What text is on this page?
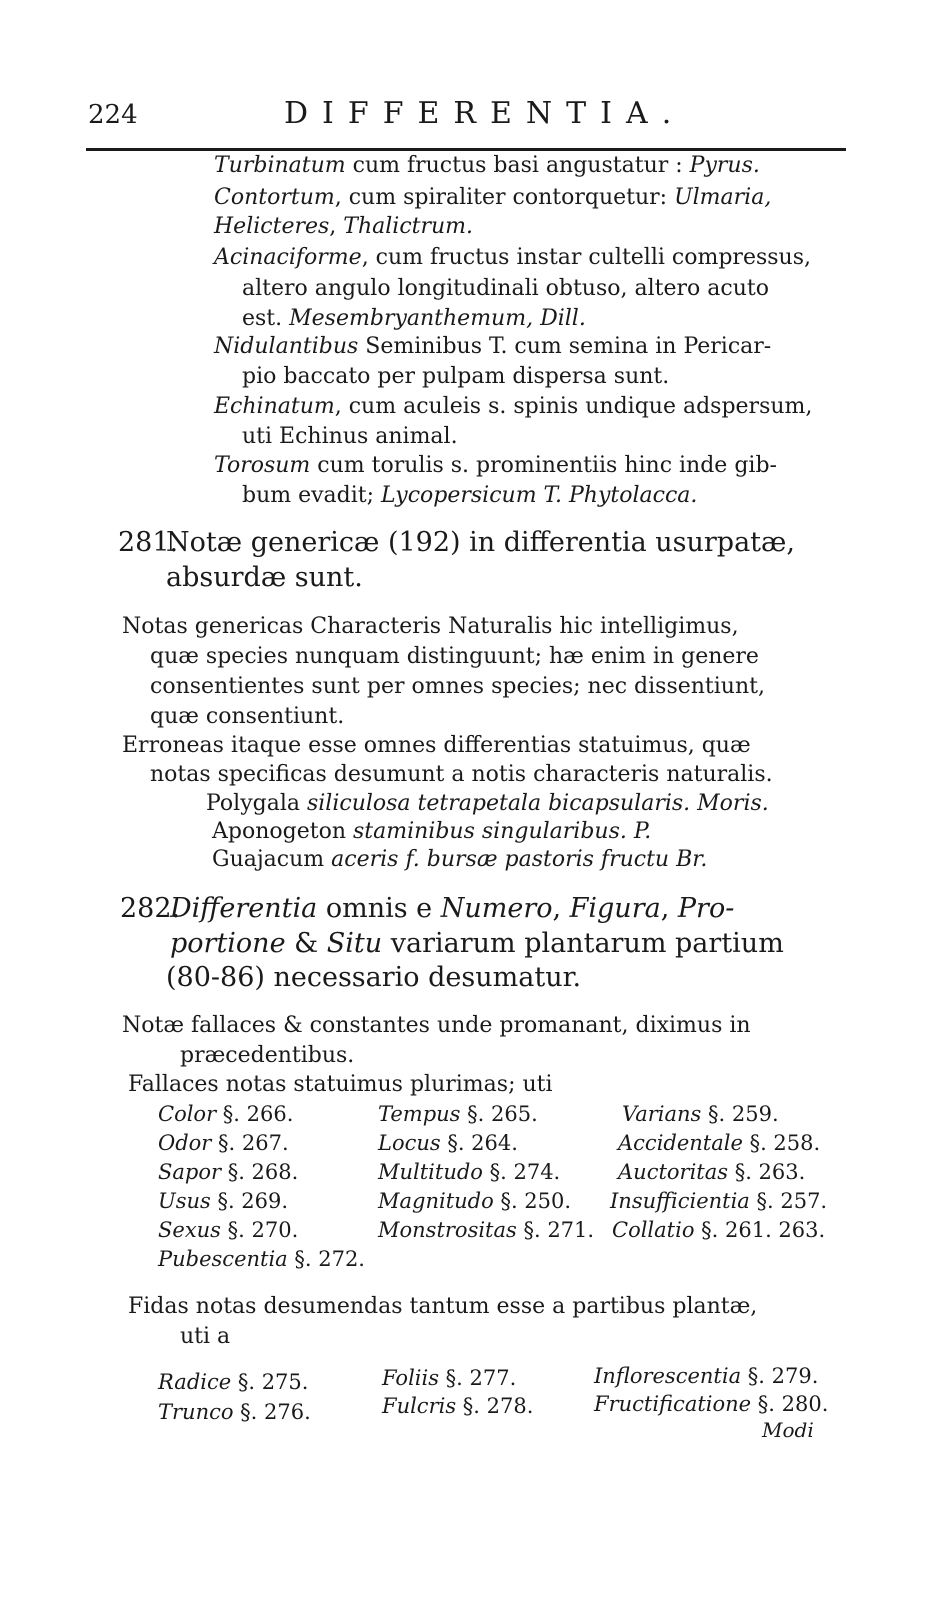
224	DIFFERENTIA.
Turbinatum cum fructus basi angustatur : Pyrus.
Contortum, cum spiraliter contorquetur: Ulmaria,
Helicteres, Thalictrum.
Acinaciforme, cum fructus instar cultelli compressus,
altero angulo longitudinali obtuso, altero acuto
est. Mesembryanthemum, Dill.
Nidulantibus Seminibus T. cum semina in Pericar-
pio baccato per pulpam dispersa sunt.
Echinatum, cum aculeis s. spinis undique adspersum,
uti Echinus animal.
Torosum cum torulis s. prominentiis hinc inde gib-
bum evadit; Lycopersicum T. Phytolacca.
281.
Notæ genericæ (192) in differentia usurpatæ,
absurdæ sunt.
Notas genericas Characteris Naturalis hic intelligimus,
quæ species nunquam distinguunt; hæ enim in genere
consentientes sunt per omnes species; nec dissentiunt,
quæ consentiunt.
Erroneas itaque esse omnes differentias statuimus, quæ
notas specificas desumunt a notis characteris naturalis.
Polygala siliculosa tetrapetala bicapsularis. Moris.
Aponogeton staminibus singularibus. P.
Guajacum aceris f. bursæ pastoris fructu Br.
282.
Differentia omnis e Numero, Figura, Pro-
portione & Situ variarum plantarum partium
(80-86) necessario desumatur.
Notæ fallaces & constantes unde promanant, diximus in
præcedentibus.
Fallaces notas statuimus plurimas; uti
Color §. 266.
Odor §. 267.
Sapor §. 268.
Usus §. 269.
Sexus §. 270.
Pubescentia §. 272.
Tempus §. 265.
Locus §. 264.
Multitudo §. 274.
Magnitudo §. 250.
Monstrositas §. 271.
Varians §. 259.
Accidentale §. 258.
Auctoritas §. 263.
Insufficientia §. 257.
Collatio §. 261. 263.
Fidas notas desumendas tantum esse a partibus plantæ,
uti a
Radice §. 275.
Trunco §. 276.
Foliis §. 277.
Fulcris §. 278.
Inflorescentia §. 279.
Fructificatione §. 280.
Modi
